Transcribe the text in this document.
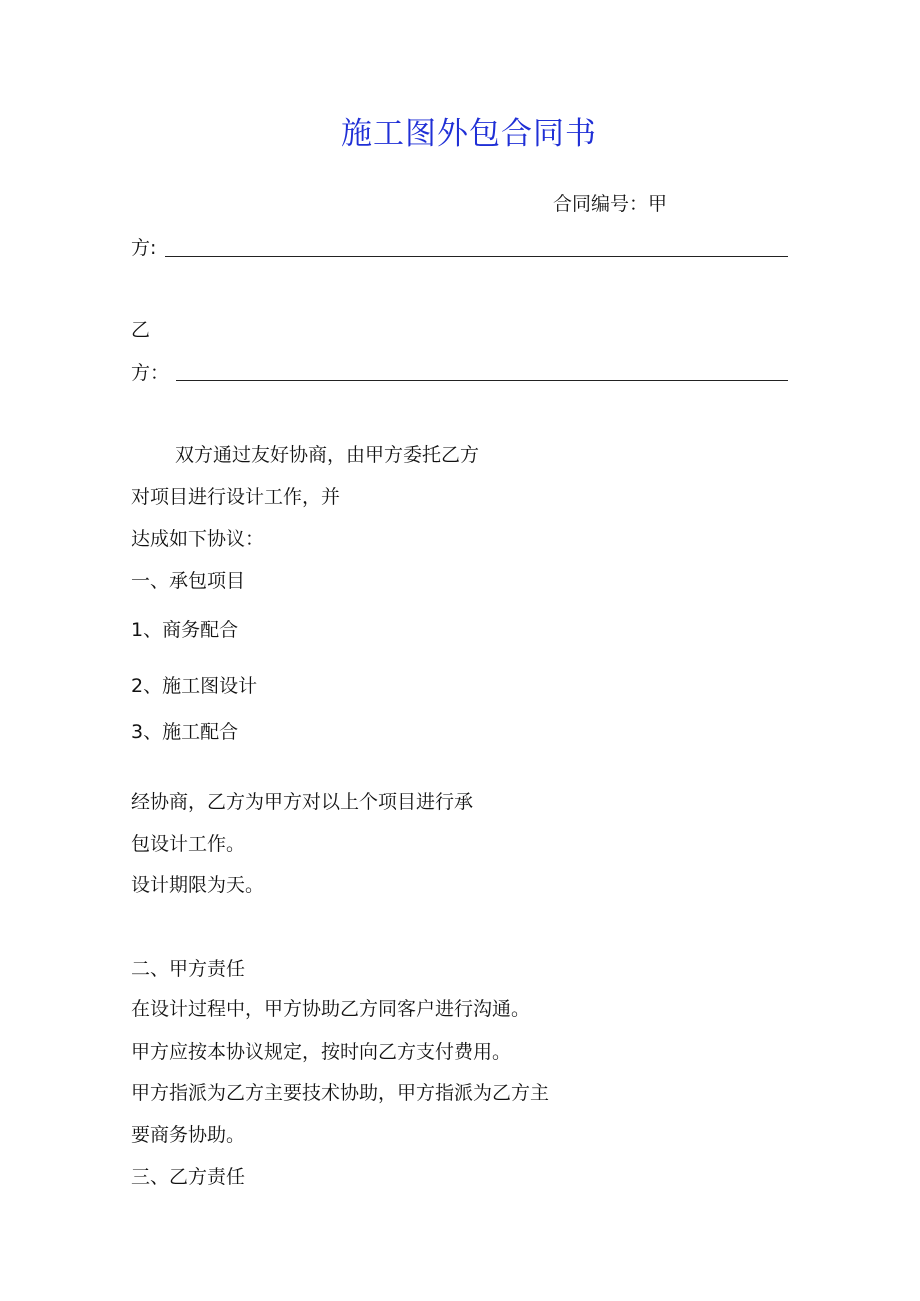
施工图外包合同书
合同编号：甲
方:
乙
方：
双方通过友好协商，由甲方委托乙方
对项目进行设计工作，并
达成如下协议：
一、承包项目
1、商务配合
2、施工图设计
3、施工配合
经协商，乙方为甲方对以上个项目进行承
包设计工作。
设计期限为天。
二、甲方责任
在设计过程中，甲方协助乙方同客户进行沟通。
甲方应按本协议规定，按时向乙方支付费用。
甲方指派为乙方主要技术协助，甲方指派为乙方主
要商务协助。
三、乙方责任
